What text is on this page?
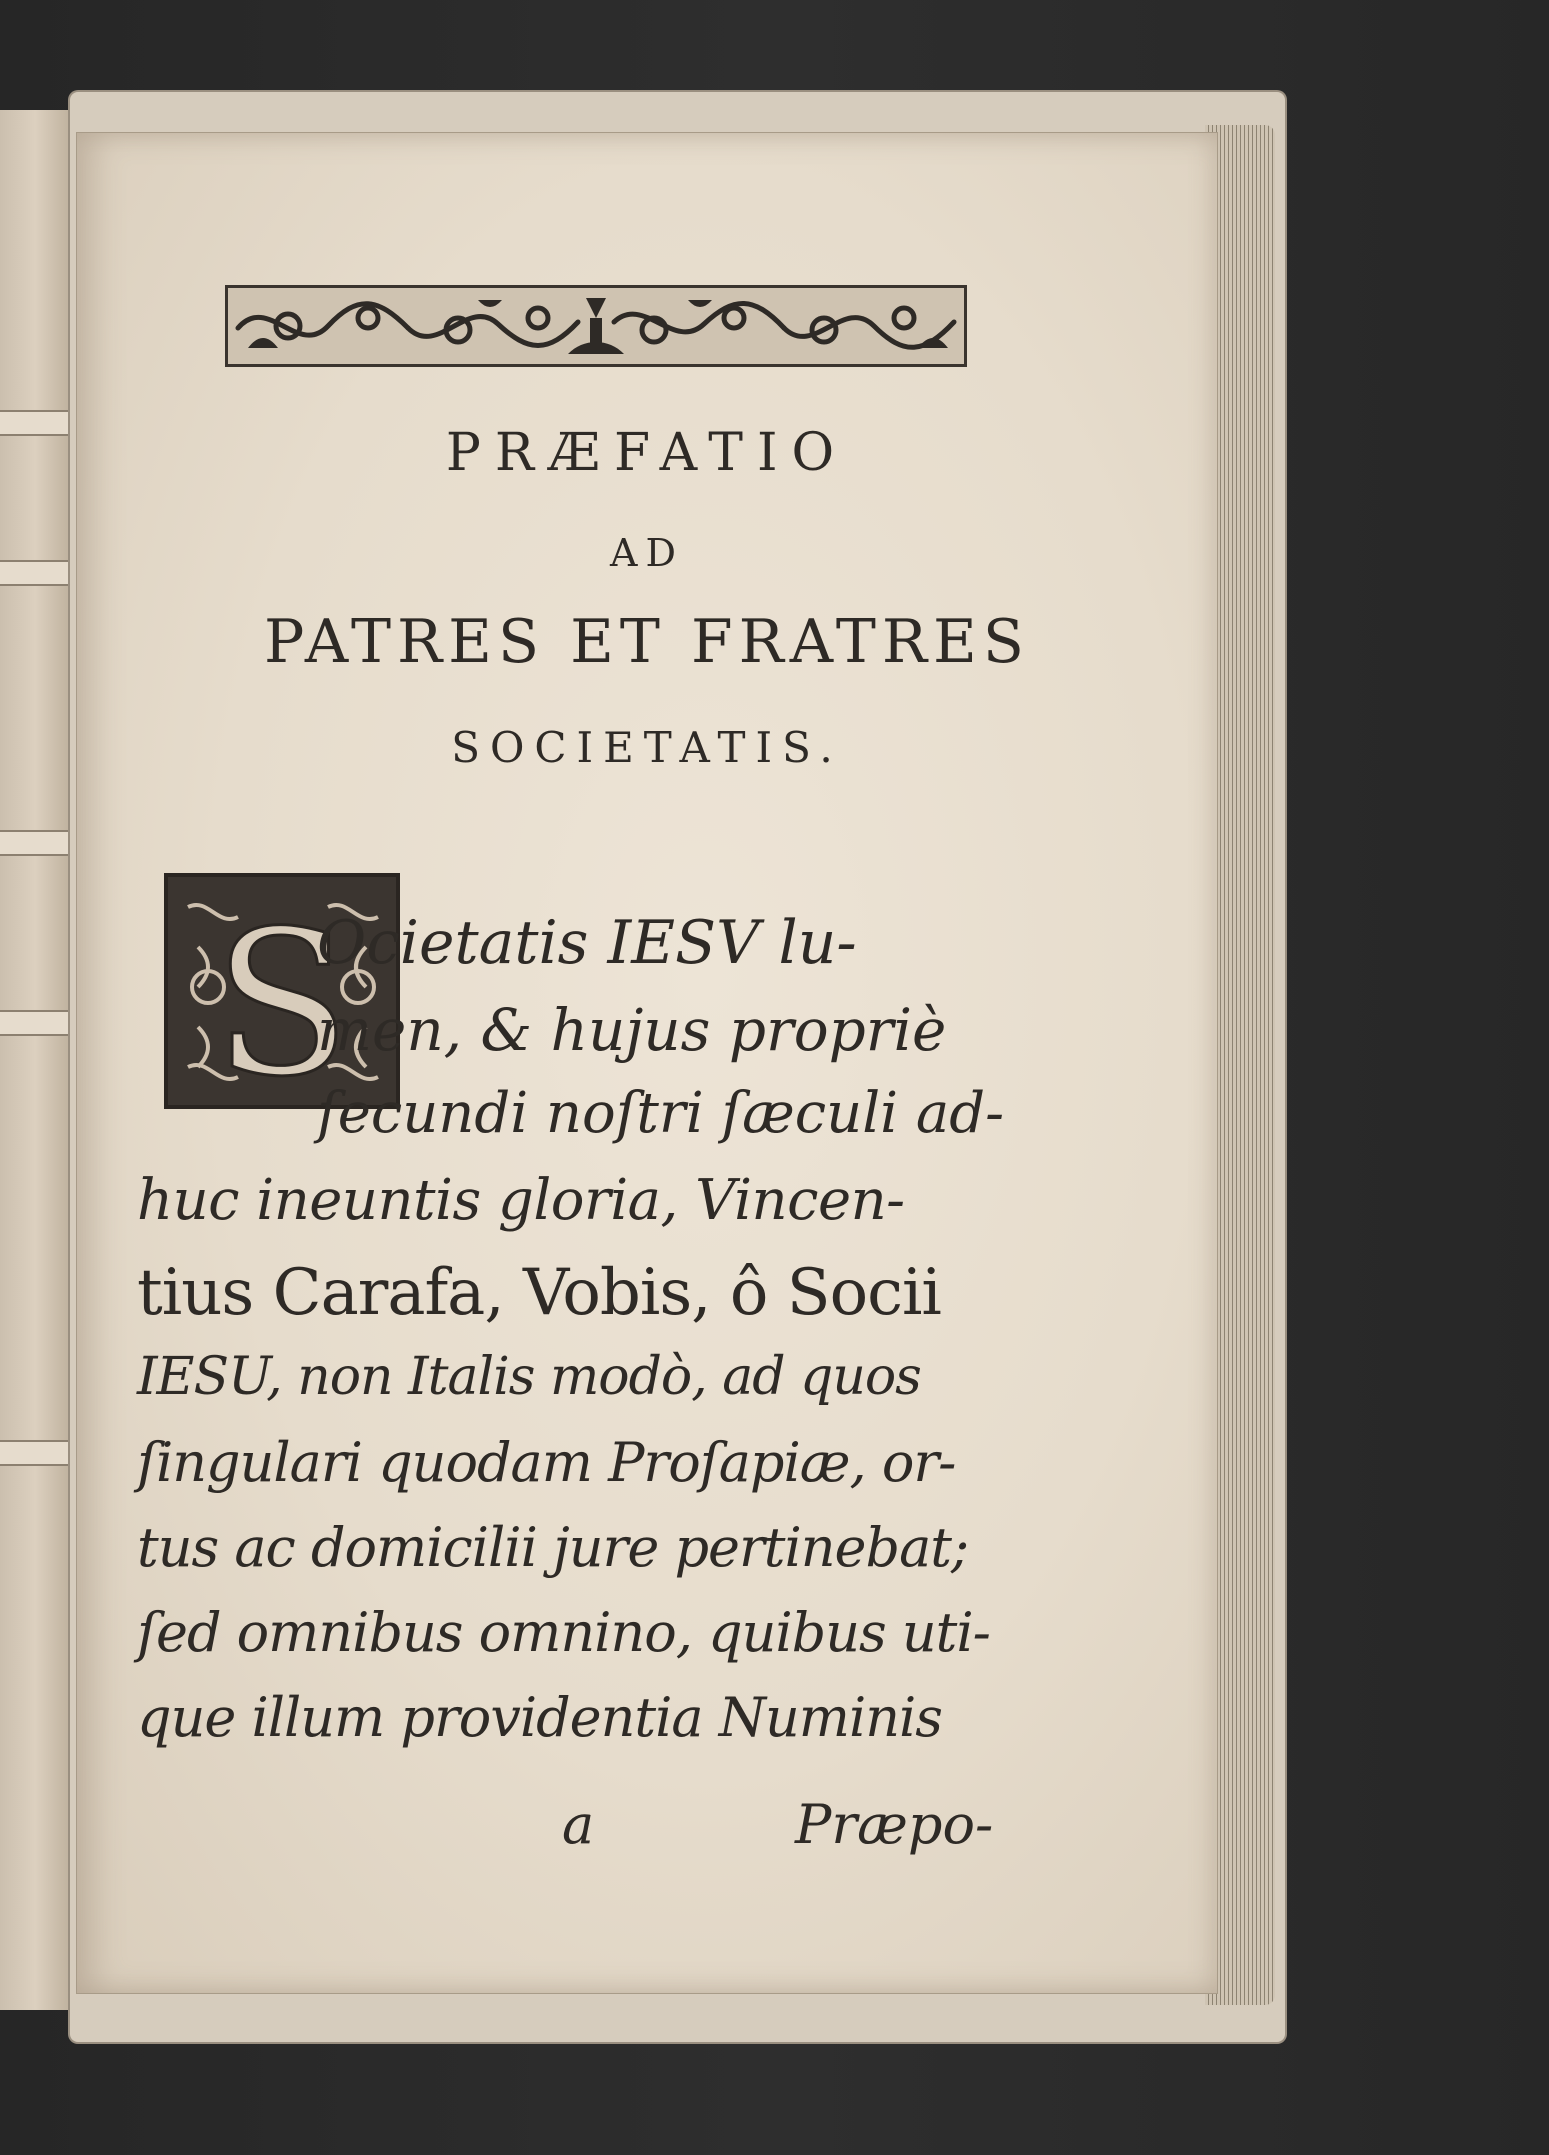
PRÆFATIO
AD
PATRES ET FRATRES
SOCIETATIS.
S
Ocietatis IESV lu-
men, & hujus propriè
ſecundi noſtri ſæculi ad-
huc ineuntis gloria, Vincen-
tius Carafa, Vobis, ô Socii
IESU, non Italis modò, ad quos
ſingulari quodam Proſapiæ, or-
tus ac domicilii jure pertinebat;
ſed omnibus omnino, quibus uti-
que illum providentia Numinis
a	Præpo-
